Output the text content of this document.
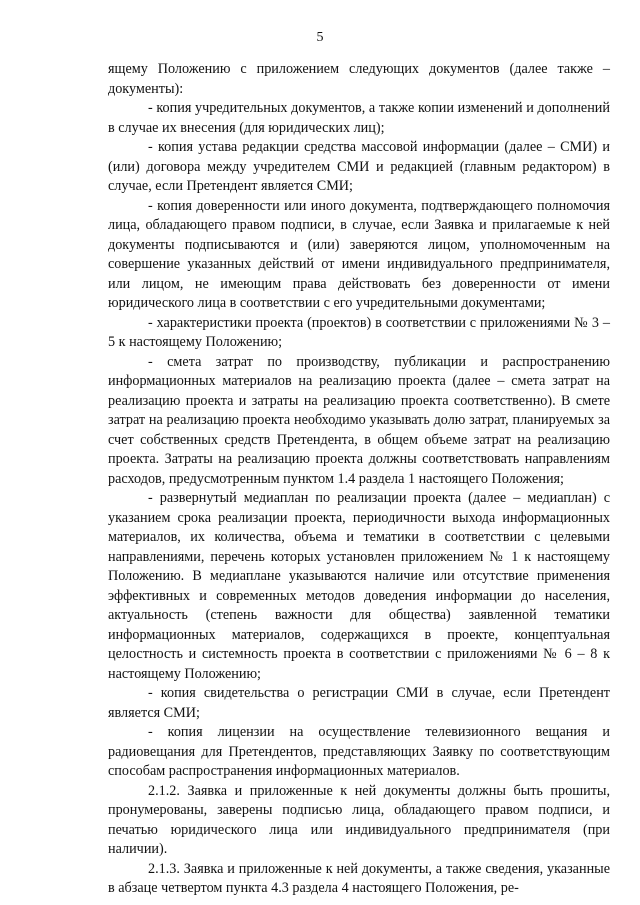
5

ящему Положению с приложением следующих документов (далее также – документы):

- копия учредительных документов, а также копии изменений и дополнений в случае их внесения (для юридических лиц);

- копия устава редакции средства массовой информации (далее – СМИ) и (или) договора между учредителем СМИ и редакцией (главным редактором) в случае, если Претендент является СМИ;

- копия доверенности или иного документа, подтверждающего полномочия лица, обладающего правом подписи, в случае, если Заявка и прилагаемые к ней документы подписываются и (или) заверяются лицом, уполномоченным на совершение указанных действий от имени индивидуального предпринимателя, или лицом, не имеющим права действовать без доверенности от имени юридического лица в соответствии с его учредительными документами;

- характеристики проекта (проектов) в соответствии с приложениями № 3 – 5 к настоящему Положению;

- смета затрат по производству, публикации и распространению информационных материалов на реализацию проекта (далее – смета затрат на реализацию проекта и затраты на реализацию проекта соответственно). В смете затрат на реализацию проекта необходимо указывать долю затрат, планируемых за счет собственных средств Претендента, в общем объеме затрат на реализацию проекта. Затраты на реализацию проекта должны соответствовать направлениям расходов, предусмотренным пунктом 1.4 раздела 1 настоящего Положения;

- развернутый медиаплан по реализации проекта (далее – медиаплан) с указанием срока реализации проекта, периодичности выхода информационных материалов, их количества, объема и тематики в соответствии с целевыми направлениями, перечень которых установлен приложением № 1 к настоящему Положению. В медиаплане указываются наличие или отсутствие применения эффективных и современных методов доведения информации до населения, актуальность (степень важности для общества) заявленной тематики информационных материалов, содержащихся в проекте, концептуальная целостность и системность проекта в соответствии с приложениями № 6 – 8 к настоящему Положению;

- копия свидетельства о регистрации СМИ в случае, если Претендент является СМИ;

- копия лицензии на осуществление телевизионного вещания и радиовещания для Претендентов, представляющих Заявку по соответствующим способам распространения информационных материалов.

2.1.2. Заявка и приложенные к ней документы должны быть прошиты, пронумерованы, заверены подписью лица, обладающего правом подписи, и печатью юридического лица или индивидуального предпринимателя (при наличии).

2.1.3. Заявка и приложенные к ней документы, а также сведения, указанные в абзаце четвертом пункта 4.3 раздела 4 настоящего Положения, ре-
